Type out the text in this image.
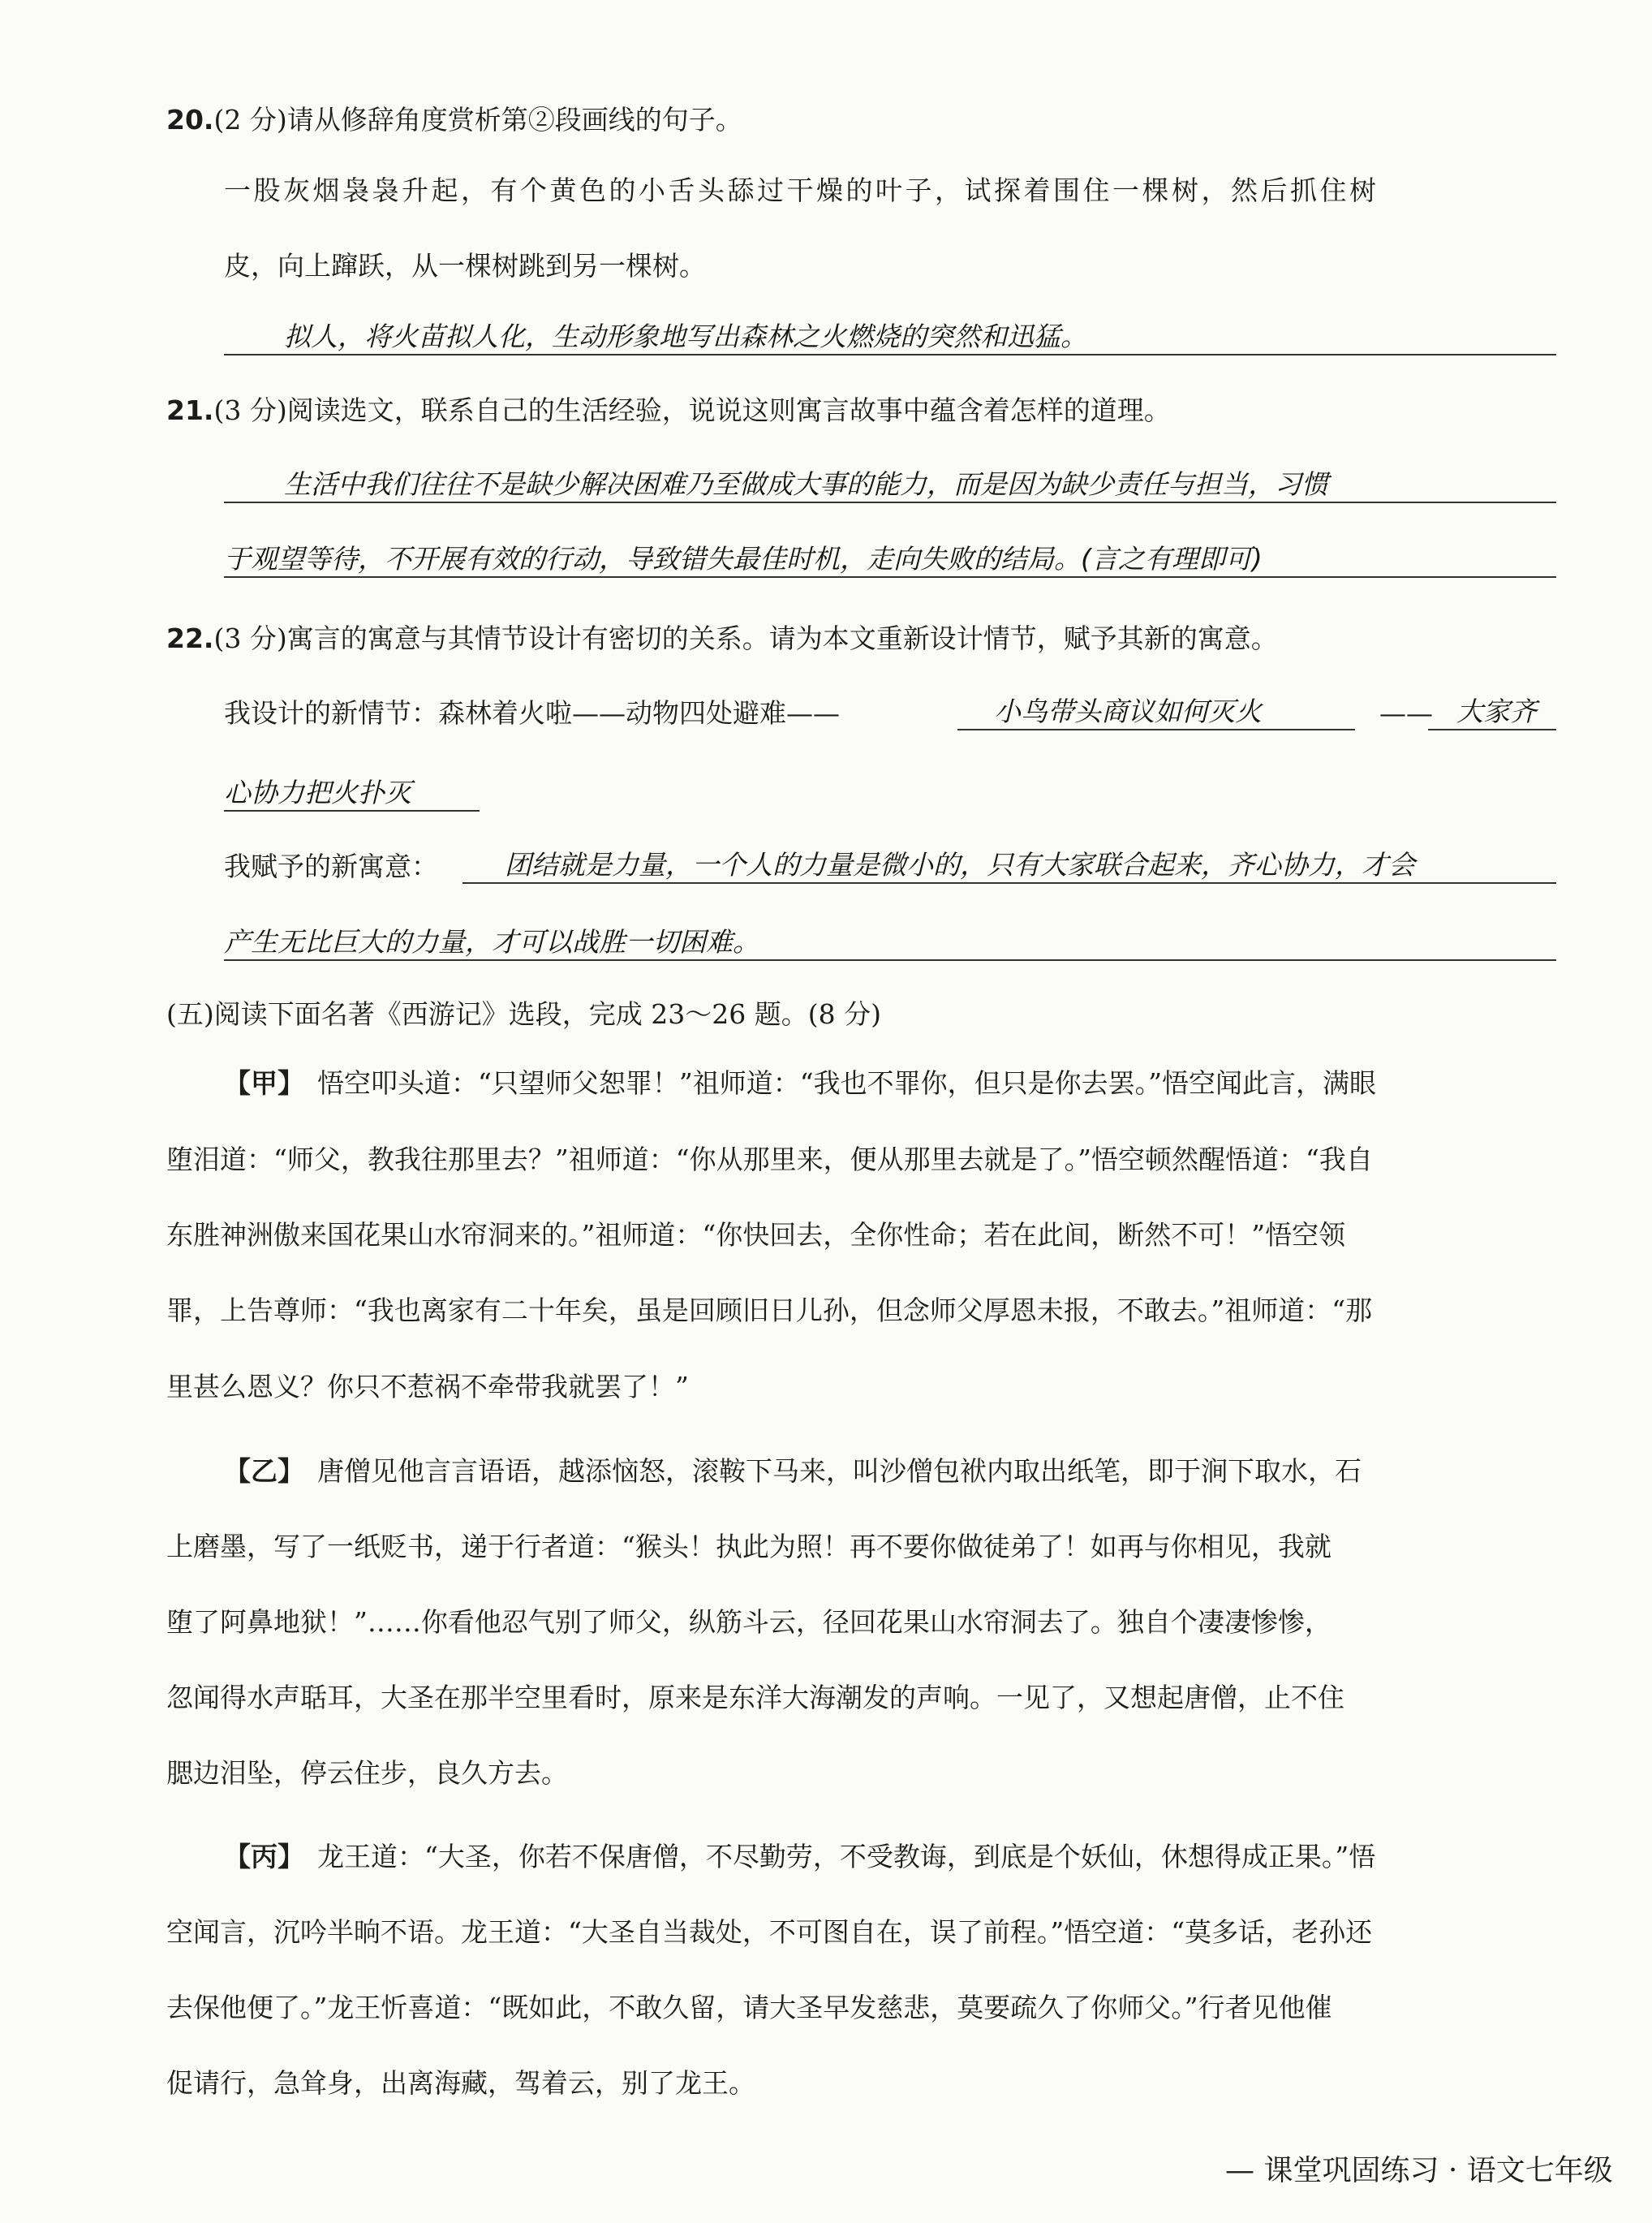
20.(2 分)请从修辞角度赏析第②段画线的句子。
一股灰烟袅袅升起，有个黄色的小舌头舔过干燥的叶子，试探着围住一棵树，然后抓住树
皮，向上蹿跃，从一棵树跳到另一棵树。
拟人，将火苗拟人化，生动形象地写出森林之火燃烧的突然和迅猛。
21.(3 分)阅读选文，联系自己的生活经验，说说这则寓言故事中蕴含着怎样的道理。
生活中我们往往不是缺少解决困难乃至做成大事的能力，而是因为缺少责任与担当，习惯
于观望等待，不开展有效的行动，导致错失最佳时机，走向失败的结局。(言之有理即可)
22.(3 分)寓言的寓意与其情节设计有密切的关系。请为本文重新设计情节，赋予其新的寓意。
我设计的新情节：森林着火啦——动物四处避难——	小鸟带头商议如何灭火	—— 大家齐
心协力把火扑灭
我赋予的新寓意： 团结就是力量，一个人的力量是微小的，只有大家联合起来，齐心协力，才会
产生无比巨大的力量，才可以战胜一切困难。
(五)阅读下面名著《西游记》选段，完成 23～26 题。(8 分)
【甲】 悟空叩头道：“只望师父恕罪！”祖师道：“我也不罪你，但只是你去罢。”悟空闻此言，满眼
堕泪道：“师父，教我往那里去？”祖师道：“你从那里来，便从那里去就是了。”悟空顿然醒悟道：“我自
东胜神洲傲来国花果山水帘洞来的。”祖师道：“你快回去，全你性命；若在此间，断然不可！”悟空领
罪，上告尊师：“我也离家有二十年矣，虽是回顾旧日儿孙，但念师父厚恩未报，不敢去。”祖师道：“那
里甚么恩义？你只不惹祸不牵带我就罢了！”
【乙】 唐僧见他言言语语，越添恼怒，滚鞍下马来，叫沙僧包袱内取出纸笔，即于涧下取水，石
上磨墨，写了一纸贬书，递于行者道：“猴头！执此为照！再不要你做徒弟了！如再与你相见，我就
堕了阿鼻地狱！”……你看他忍气别了师父，纵筋斗云，径回花果山水帘洞去了。独自个凄凄惨惨，
忽闻得水声聒耳，大圣在那半空里看时，原来是东洋大海潮发的声响。一见了，又想起唐僧，止不住
腮边泪坠，停云住步，良久方去。
【丙】 龙王道：“大圣，你若不保唐僧，不尽勤劳，不受教诲，到底是个妖仙，休想得成正果。”悟
空闻言，沉吟半晌不语。龙王道：“大圣自当裁处，不可图自在，误了前程。”悟空道：“莫多话，老孙还
去保他便了。”龙王忻喜道：“既如此，不敢久留，请大圣早发慈悲，莫要疏久了你师父。”行者见他催
促请行，急耸身，出离海藏，驾着云，别了龙王。
— 课堂巩固练习 · 语文七年级
